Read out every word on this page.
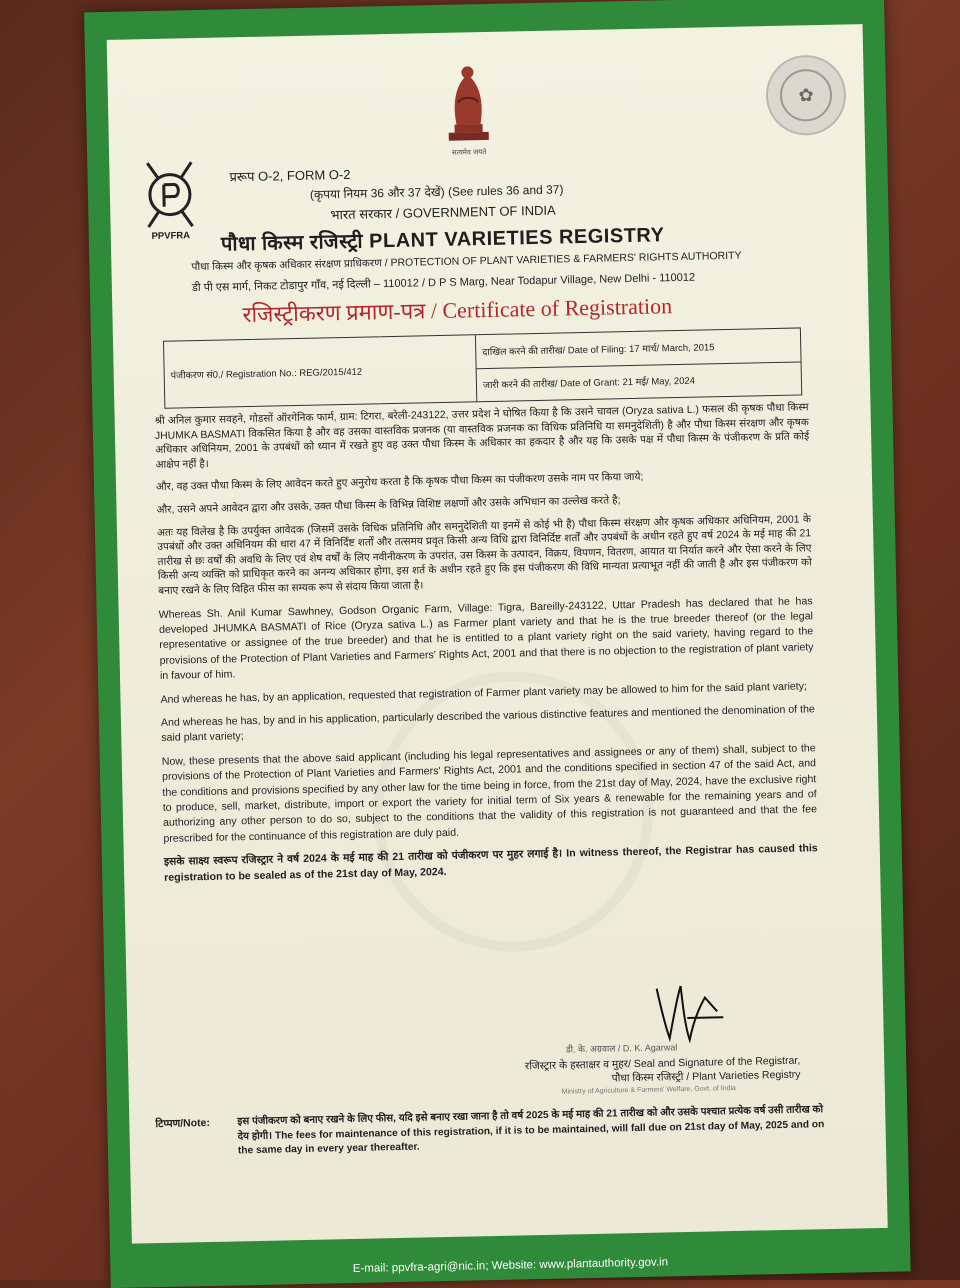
सत्यमेव जयते
✿
PPVFRA
प्ररूप O-2, FORM O-2
(कृपया नियम 36 और 37 देखें) (See rules 36 and 37)
भारत सरकार / GOVERNMENT OF INDIA
पौधा किस्म रजिस्ट्री PLANT VARIETIES REGISTRY
पौधा किस्म और कृषक अधिकार संरक्षण प्राधिकरण / PROTECTION OF PLANT VARIETIES & FARMERS' RIGHTS AUTHORITY
डी पी एस मार्ग, निकट टोडापुर गाँव, नई दिल्ली – 110012 / D P S Marg, Near Todapur Village, New Delhi - 110012
रजिस्ट्रीकरण प्रमाण-पत्र / Certificate of Registration
पंजीकरण सं0./ Registration No.: REG/2015/412
दाखिल करने की तारीख/ Date of Filing: 17 मार्च/ March, 2015
जारी करने की तारीख/ Date of Grant: 21 मई/ May, 2024

श्री अनिल कुमार सवहने, गोडसों ऑरगेनिक फार्म, ग्राम: टिगरा, बरेली-243122, उत्तर प्रदेश ने घोषित किया है कि उसने चावल (Oryza sativa L.) फसल की कृषक पौधा किस्म JHUMKA BASMATI विकसित किया है और वह उसका वास्तविक प्रजनक (या वास्तविक प्रजनक का विधिक प्रतिनिधि या समनुदेशिती) है और पौधा किस्म संरक्षण और कृषक अधिकार अधिनियम, 2001 के उपबंधों को ध्यान में रखते हुए वह उक्त पौधा किस्म के अधिकार का हकदार है और यह कि उसके पक्ष में पौधा किस्म के पंजीकरण के प्रति कोई आक्षेप नहीं है।

और, वह उक्त पौधा किस्म के लिए आवेदन करते हुए अनुरोध करता है कि कृषक पौधा किस्म का पंजीकरण उसके नाम पर किया जाये;

और, उसने अपने आवेदन द्वारा और उसके, उक्त पौधा किस्म के विभिन्न विशिष्ट लक्षणों और उसके अभिधान का उल्लेख करते है;

अतः यह विलेख है कि उपर्युक्त आवेदक (जिसमें उसके विधिक प्रतिनिधि और समनुदेशिती या इनमें से कोई भी है) पौधा किस्म संरक्षण और कृषक अधिकार अधिनियम, 2001 के उपबंधों और उक्त अधिनियम की धारा 47 में विनिर्दिष्ट शर्तों और तत्समय प्रवृत किसी अन्य विधि द्वारा विनिर्दिष्ट शर्तों और उपबंधों के अधीन रहते हुए वर्ष 2024 के मई माह की 21 तारीख से छः वर्षों की अवधि के लिए एवं शेष वर्षों के लिए नवीनीकरण के उपरांत, उस किस्म के उत्पादन, विक्रय, विपणन, वितरण, आयात या निर्यात करने और ऐसा करने के लिए किसी अन्य व्यक्ति को प्राधिकृत करने का अनन्य अधिकार होगा, इस शर्त के अधीन रहते हुए कि इस पंजीकरण की विधि मान्यता प्रत्याभूत नहीं की जाती है और इस पंजीकरण को बनाए रखने के लिए विहित फीस का सम्यक रूप से संदाय किया जाता है।

Whereas Sh. Anil Kumar Sawhney, Godson Organic Farm, Village: Tigra, Bareilly-243122, Uttar Pradesh has declared that he has developed JHUMKA BASMATI of Rice (Oryza sativa L.) as Farmer plant variety and that he is the true breeder thereof (or the legal representative or assignee of the true breeder) and that he is entitled to a plant variety right on the said variety, having regard to the provisions of the Protection of Plant Varieties and Farmers' Rights Act, 2001 and that there is no objection to the registration of plant variety in favour of him.

And whereas he has, by an application, requested that registration of Farmer plant variety may be allowed to him for the said plant variety;

And whereas he has, by and in his application, particularly described the various distinctive features and mentioned the denomination of the said plant variety;

Now, these presents that the above said applicant (including his legal representatives and assignees or any of them) shall, subject to the provisions of the Protection of Plant Varieties and Farmers' Rights Act, 2001 and the conditions specified in section 47 of the said Act, and the conditions and provisions specified by any other law for the time being in force, from the 21st day of May, 2024, have the exclusive right to produce, sell, market, distribute, import or export the variety for initial term of Six years & renewable for the remaining years and of authorizing any other person to do so, subject to the conditions that the validity of this registration is not guaranteed and that the fee prescribed for the continuance of this registration are duly paid.

इसके साक्ष्य स्वरूप रजिस्ट्रार ने वर्ष 2024 के मई माह की 21 तारीख को पंजीकरण पर मुहर लगाई है। In witness thereof, the Registrar has caused this registration to be sealed as of the 21st day of May, 2024.

डी. के. अग्रवाल / D. K. Agarwal
रजिस्ट्रार के हस्ताक्षर व मुहर/ Seal and Signature of the Registrar,
पौधा किस्म रजिस्ट्री / Plant Varieties Registry
Ministry of Agriculture & Farmers' Welfare, Govt. of India
टिप्पण/Note:	इस पंजीकरण को बनाए रखने के लिए फीस, यदि इसे बनाए रखा जाना है तो वर्ष 2025 के मई माह की 21 तारीख को और उसके पश्चात प्रत्येक वर्ष उसी तारीख को देय होगी। The fees for maintenance of this registration, if it is to be maintained, will fall due on 21st day of May, 2025 and on the same day in every year thereafter.
E-mail: ppvfra-agri@nic.in; Website: www.plantauthority.gov.in
